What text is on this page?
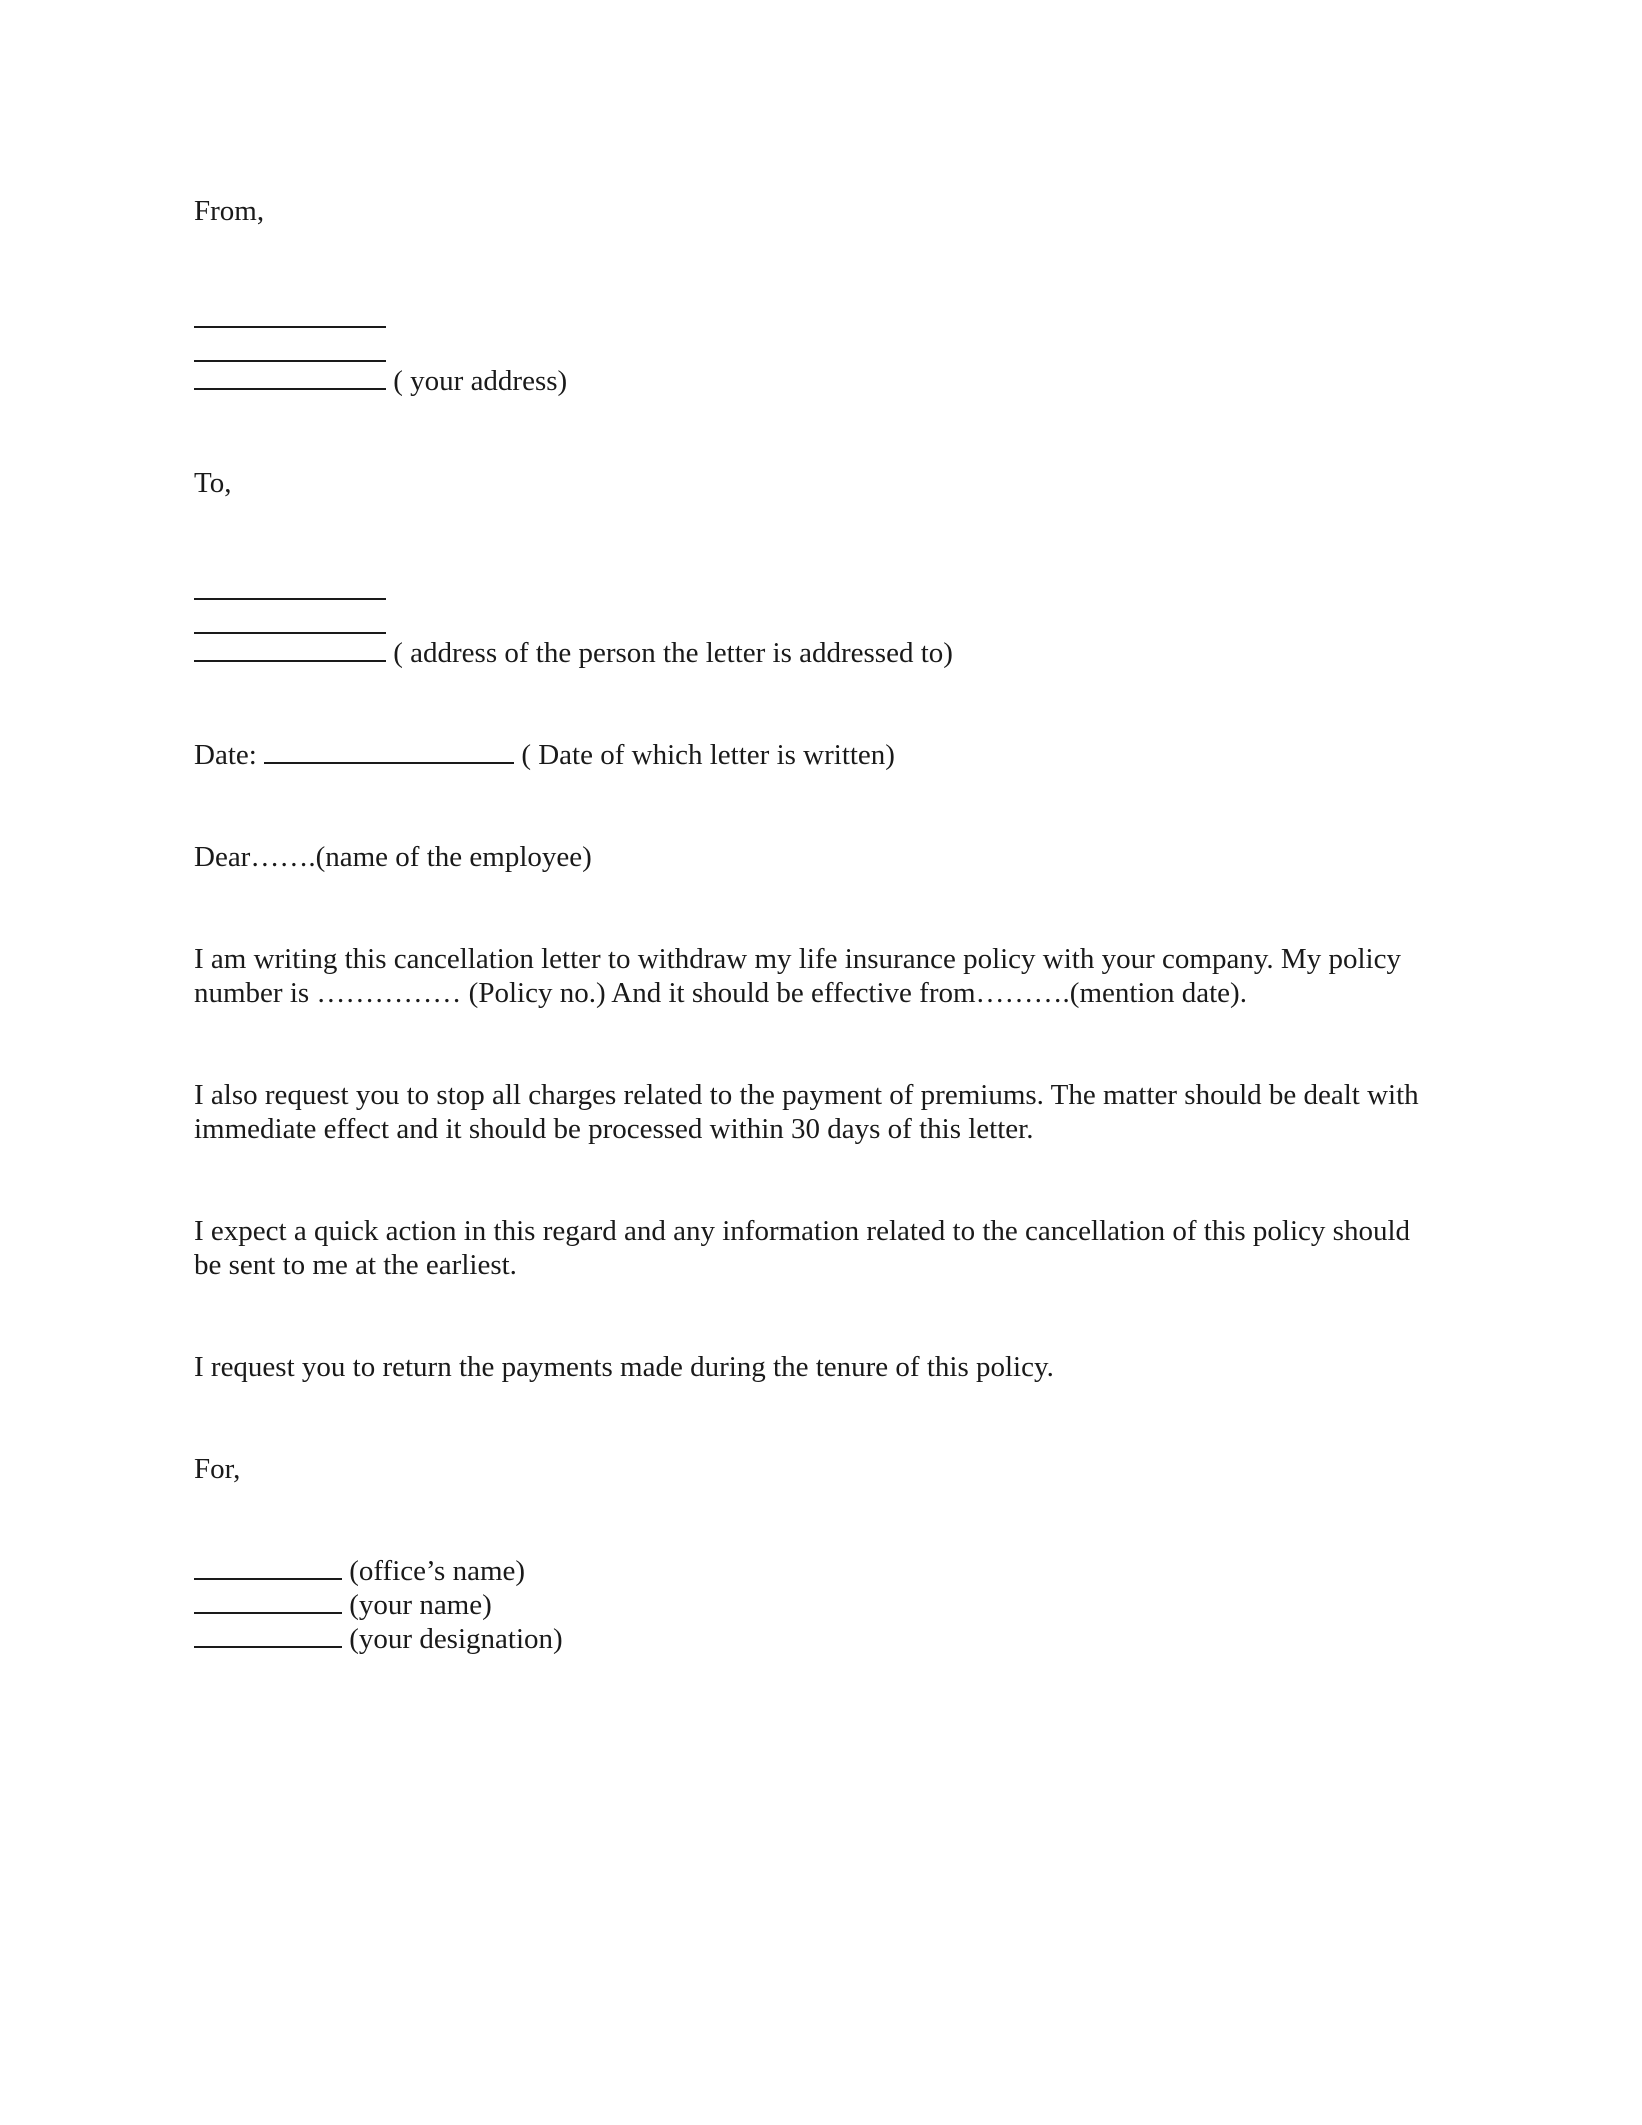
From,
( your address)
To,
( address of the person the letter is addressed to)
Date:	( Date of which letter is written)
Dear…….(name of the employee)
I am writing this cancellation letter to withdraw my life insurance policy with your company. My policy
number is …………… (Policy no.) And it should be effective from……….(mention date).
I also request you to stop all charges related to the payment of premiums. The matter should be dealt with
immediate effect and it should be processed within 30 days of this letter.
I expect a quick action in this regard and any information related to the cancellation of this policy should
be sent to me at the earliest.
I request you to return the payments made during the tenure of this policy.
For,
(office’s name)
(your name)
(your designation)
